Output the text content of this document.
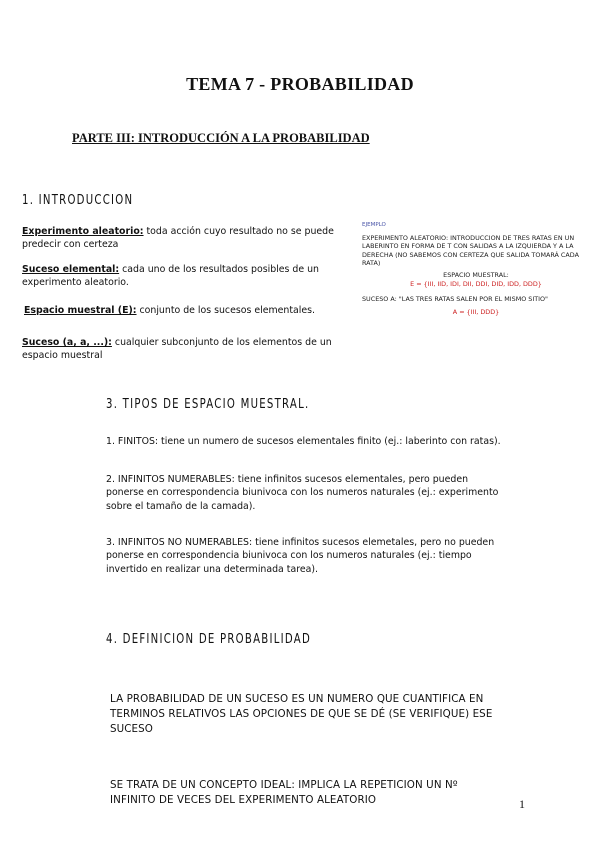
TEMA 7 - PROBABILIDAD
PARTE III: INTRODUCCIÓN A LA PROBABILIDAD
1. INTRODUCCION
Experimento aleatorio: toda acción cuyo resultado no se puede predecir con certeza
Suceso elemental: cada uno de los resultados posibles de un experimento aleatorio.
Espacio muestral (E): conjunto de los sucesos elementales.
Suceso (a, a, ...): cualquier subconjunto de los elementos de un espacio muestral
EJEMPLO
EXPERIMENTO ALEATORIO: INTRODUCCION DE TRES RATAS EN UN LABERINTO EN FORMA DE T CON SALIDAS A LA IZQUIERDA Y A LA DERECHA (NO SABEMOS CON CERTEZA QUE SALIDA TOMARÁ CADA RATA)
ESPACIO MUESTRAL:
E = {III, IID, IDI, DII, DDI, DID, IDD, DDD}
SUCESO A: "LAS TRES RATAS SALEN POR EL MISMO SITIO"
A = {III, DDD}
3. TIPOS DE ESPACIO MUESTRAL.
1. FINITOS: tiene un numero de sucesos elementales finito (ej.: laberinto con ratas).
2. INFINITOS NUMERABLES: tiene infinitos sucesos elementales, pero pueden ponerse en correspondencia biunivoca con los numeros naturales (ej.: experimento sobre el tamaño de la camada).
3. INFINITOS NO NUMERABLES: tiene infinitos sucesos elemetales, pero no pueden ponerse en correspondencia biunivoca con los numeros naturales (ej.: tiempo invertido en realizar una determinada tarea).
4. DEFINICION DE PROBABILIDAD
LA PROBABILIDAD DE UN SUCESO ES UN NUMERO QUE CUANTIFICA EN TERMINOS RELATIVOS LAS OPCIONES DE QUE SE DÉ (SE VERIFIQUE) ESE SUCESO
SE TRATA DE UN CONCEPTO IDEAL: IMPLICA LA REPETICION UN Nº INFINITO DE VECES DEL EXPERIMENTO ALEATORIO	1
